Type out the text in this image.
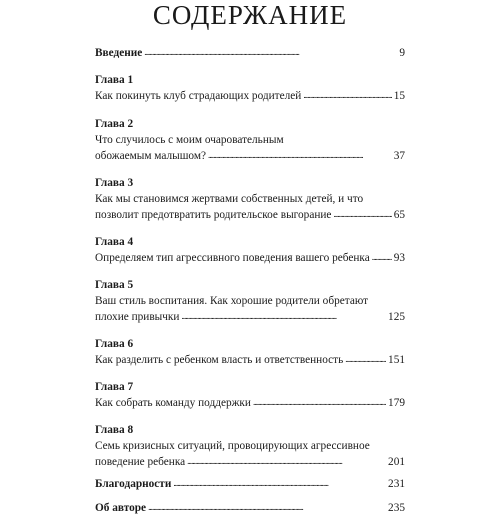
СОДЕРЖАНИЕ
Введение . . .	9
Глава 1
Как покинуть клуб страдающих родителей . . .	15
Глава 2
Что случилось с моим очаровательным
обожаемым малышом? . . .	37
Глава 3
Как мы становимся жертвами собственных детей, и что
позволит предотвратить родительское выгорание . . .	65
Глава 4
Определяем тип агрессивного поведения вашего ребенка . . . 93
Глава 5
Ваш стиль воспитания. Как хорошие родители обретают
плохие привычки . . .	125
Глава 6
Как разделить с ребенком власть и ответственность . . .	151
Глава 7
Как собрать команду поддержки . . .	179
Глава 8
Семь кризисных ситуаций, провоцирующих агрессивное
поведение ребенка . . .	201
Благодарности . . .	231
Об авторе . . .	235
